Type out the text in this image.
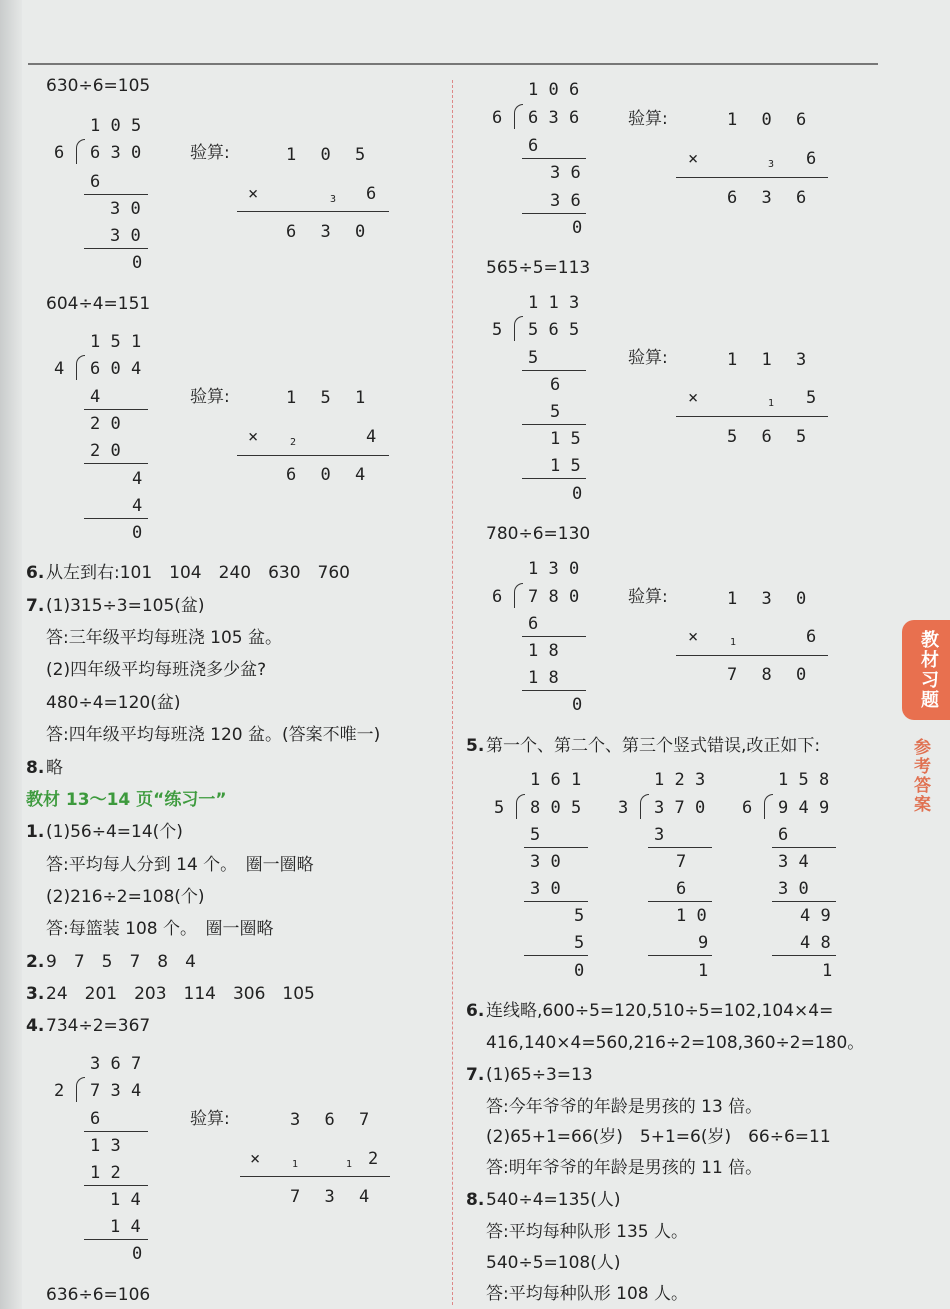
630÷6=105
1 0 5
6 6 3 0
6
3 0
3 0
0
验算:	1 0 5
×	3 6
6 3 0
604÷4=151
1 5 1
4 6 0 4
4
2 0
2 0
4
4
0
验算:	1 5 1
×	2	4
6 0 4
6. 从左到右:101　104　240　630　760
7. (1)315÷3=105(盆)
答:三年级平均每班浇 105 盆。
(2)四年级平均每班浇多少盆?
480÷4=120(盆)
答:四年级平均每班浇 120 盆。(答案不唯一)
8. 略
教材 13～14 页“练习一”
1. (1)56÷4=14(个)
答:平均每人分到 14 个。　圈一圈略
(2)216÷2=108(个)
答:每篮装 108 个。　圈一圈略
2. 9　7　5　7　8　4
3. 24　201　203　114　306　105
4. 734÷2=367
3 6 7
2 7 3 4
6
1 3
1 2
1 4
1 4
0
验算:	3 6 7
×	1  1 2
7 3 4
636÷6=106
1 0 6
6 6 3 6
6
3 6
3 6
0
验算:	1 0 6
×	3 6
6 3 6
565÷5=113
1 1 3
5 5 6 5
5
6
5
1 5
1 5
0
验算:	1 1 3
×	1 5
5 6 5
780÷6=130
1 3 0
6 7 8 0
6
1 8
1 8
0
验算:	1 3 0
×	1	6
7 8 0
5. 第一个、第二个、第三个竖式错误,改正如下:
1 6 1
5 8 0 5
5
3 0
3 0
5
5
0
1 2 3
3 3 7 0
3
7
6
1 0
9
1
1 5 8
6 9 4 9
6
3 4
3 0
4 9
4 8
1
6. 连线略,600÷5=120,510÷5=102,104×4=
416,140×4=560,216÷2=108,360÷2=180。
7. (1)65÷3=13
答:今年爷爷的年龄是男孩的 13 倍。
(2)65+1=66(岁)　5+1=6(岁)　66÷6=11
答:明年爷爷的年龄是男孩的 11 倍。
8. 540÷4=135(人)
答:平均每种队形 135 人。
540÷5=108(人)
答:平均每种队形 108 人。
教材习题
参考答案
